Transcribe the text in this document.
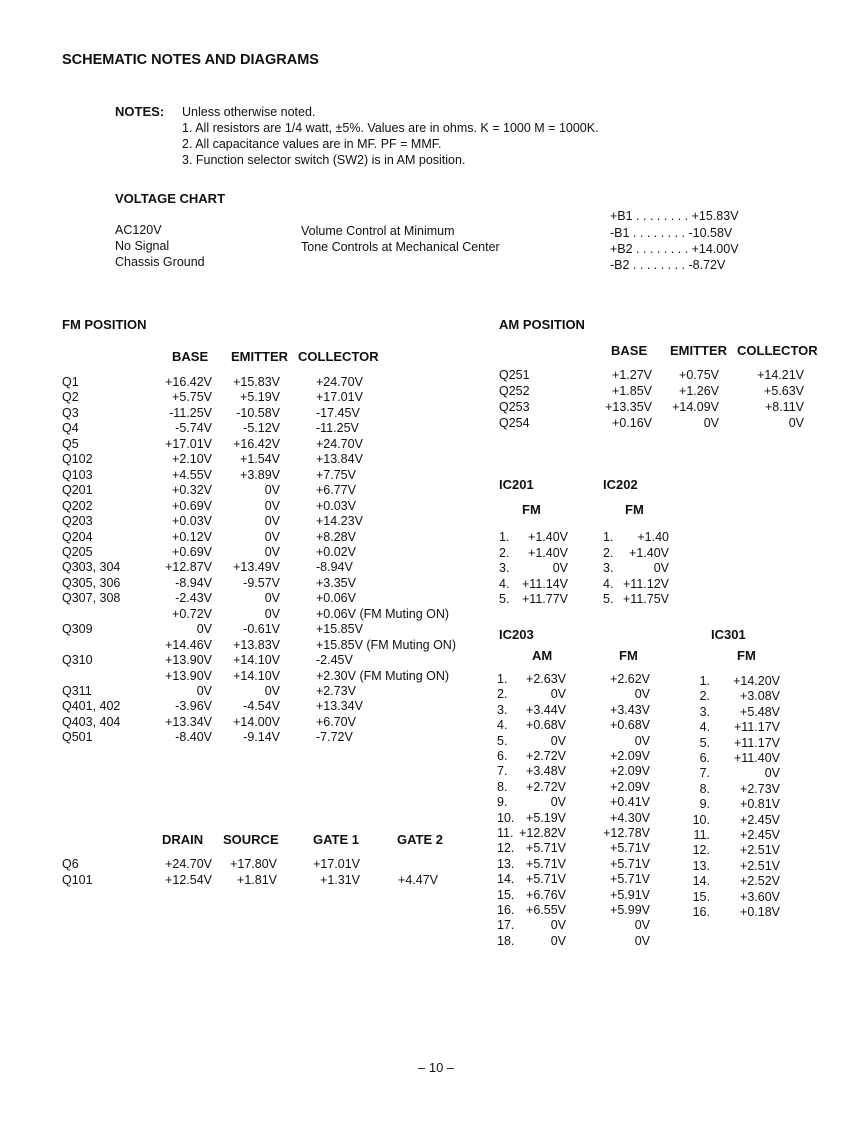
SCHEMATIC NOTES AND DIAGRAMS
NOTES: Unless otherwise noted.
1. All resistors are 1/4 watt, ±5%. Values are in ohms. K = 1000 M = 1000K.
2. All capacitance values are in MF. PF = MMF.
3. Function selector switch (SW2) is in AM position.
VOLTAGE CHART
AC120V
No Signal
Chassis Ground
Volume Control at Minimum
Tone Controls at Mechanical Center
+B1 . . . . . . . . +15.83V
-B1 . . . . . . . . -10.58V
+B2 . . . . . . . . +14.00V
-B2 . . . . . . . . -8.72V
FM POSITION
BASE EMITTER COLLECTOR
Q1	+16.42V	+15.83V	+24.70V
Q2	+5.75V	+5.19V	+17.01V
Q3	-11.25V	-10.58V	-17.45V
Q4	-5.74V	-5.12V	-11.25V
Q5	+17.01V	+16.42V	+24.70V
Q102	+2.10V	+1.54V	+13.84V
Q103	+4.55V	+3.89V	+7.75V
Q201	+0.32V	0V	+6.77V
Q202	+0.69V	0V	+0.03V
Q203	+0.03V	0V	+14.23V
Q204	+0.12V	0V	+8.28V
Q205	+0.69V	0V	+0.02V
Q303, 304	+12.87V	+13.49V	-8.94V
Q305, 306	-8.94V	-9.57V	+3.35V
Q307, 308	-2.43V	0V	+0.06V
+0.72V	0V	+0.06V (FM Muting ON)
Q309	0V	-0.61V	+15.85V
+14.46V	+13.83V	+15.85V (FM Muting ON)
Q310	+13.90V	+14.10V	-2.45V
+13.90V	+14.10V	+2.30V (FM Muting ON)
Q311	0V	0V	+2.73V
Q401, 402	-3.96V	-4.54V	+13.34V
Q403, 404	+13.34V	+14.00V	+6.70V
Q501	-8.40V	-9.14V	-7.72V
DRAIN SOURCE	GATE 1	GATE 2
Q6	+24.70V	+17.80V	+17.01V
Q101	+12.54V	+1.81V	+1.31V	+4.47V
AM POSITION
BASE EMITTER COLLECTOR
Q251	+1.27V	+0.75V	+14.21V
Q252	+1.85V	+1.26V	+5.63V
Q253	+13.35V	+14.09V	+8.11V
Q254	+0.16V	0V	0V
IC201
FM
IC202
FM
1.	+1.40V
2.	+1.40V
3.	0V
4.	+11.14V
5.	+11.77V
1.	+1.40
2.	+1.40V
3.	0V
4. +11.12V
5. +11.75V
IC203
AM	FM
1.	+2.63V	+2.62V
2.	0V	0V
3.	+3.44V	+3.43V
4.	+0.68V	+0.68V
5.	0V	0V
6.	+2.72V	+2.09V
7.	+3.48V	+2.09V
8.	+2.72V	+2.09V
9.	0V	+0.41V
10. +5.19V	+4.30V
11. +12.82V	+12.78V
12. +5.71V	+5.71V
13. +5.71V	+5.71V
14. +5.71V	+5.71V
15. +6.76V	+5.91V
16. +6.55V	+5.99V
17.	0V	0V
18.	0V	0V
IC301
FM
1.	+14.20V
2.	+3.08V
3.	+5.48V
4.	+11.17V
5.	+11.17V
6.	+11.40V
7.	0V
8.	+2.73V
9.	+0.81V
10.	+2.45V
11.	+2.45V
12.	+2.51V
13.	+2.51V
14.	+2.52V
15.	+3.60V
16.	+0.18V
– 10 –
